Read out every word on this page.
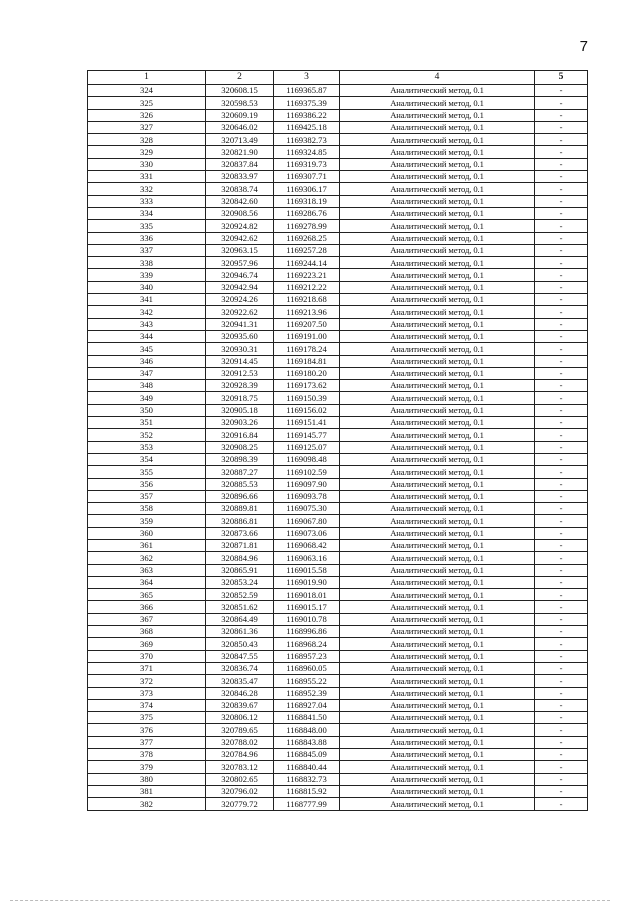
7
1	2	3	4	5
324	320608.15	1169365.87	Аналитический метод, 0.1	-
325	320598.53	1169375.39	Аналитический метод, 0.1	-
326	320609.19	1169386.22	Аналитический метод, 0.1	-
327	320646.02	1169425.18	Аналитический метод, 0.1	-
328	320713.49	1169382.73	Аналитический метод, 0.1	-
329	320821.90	1169324.85	Аналитический метод, 0.1	-
330	320837.84	1169319.73	Аналитический метод, 0.1	-
331	320833.97	1169307.71	Аналитический метод, 0.1	-
332	320838.74	1169306.17	Аналитический метод, 0.1	-
333	320842.60	1169318.19	Аналитический метод, 0.1	-
334	320908.56	1169286.76	Аналитический метод, 0.1	-
335	320924.82	1169278.99	Аналитический метод, 0.1	-
336	320942.62	1169268.25	Аналитический метод, 0.1	-
337	320963.15	1169257.28	Аналитический метод, 0.1	-
338	320957.96	1169244.14	Аналитический метод, 0.1	-
339	320946.74	1169223.21	Аналитический метод, 0.1	-
340	320942.94	1169212.22	Аналитический метод, 0.1	-
341	320924.26	1169218.68	Аналитический метод, 0.1	-
342	320922.62	1169213.96	Аналитический метод, 0.1	-
343	320941.31	1169207.50	Аналитический метод, 0.1	-
344	320935.60	1169191.00	Аналитический метод, 0.1	-
345	320930.31	1169178.24	Аналитический метод, 0.1	-
346	320914.45	1169184.81	Аналитический метод, 0.1	-
347	320912.53	1169180.20	Аналитический метод, 0.1	-
348	320928.39	1169173.62	Аналитический метод, 0.1	-
349	320918.75	1169150.39	Аналитический метод, 0.1	-
350	320905.18	1169156.02	Аналитический метод, 0.1	-
351	320903.26	1169151.41	Аналитический метод, 0.1	-
352	320916.84	1169145.77	Аналитический метод, 0.1	-
353	320908.25	1169125.07	Аналитический метод, 0.1	-
354	320898.39	1169098.48	Аналитический метод, 0.1	-
355	320887.27	1169102.59	Аналитический метод, 0.1	-
356	320885.53	1169097.90	Аналитический метод, 0.1	-
357	320896.66	1169093.78	Аналитический метод, 0.1	-
358	320889.81	1169075.30	Аналитический метод, 0.1	-
359	320886.81	1169067.80	Аналитический метод, 0.1	-
360	320873.66	1169073.06	Аналитический метод, 0.1	-
361	320871.81	1169068.42	Аналитический метод, 0.1	-
362	320884.96	1169063.16	Аналитический метод, 0.1	-
363	320865.91	1169015.58	Аналитический метод, 0.1	-
364	320853.24	1169019.90	Аналитический метод, 0.1	-
365	320852.59	1169018.01	Аналитический метод, 0.1	-
366	320851.62	1169015.17	Аналитический метод, 0.1	-
367	320864.49	1169010.78	Аналитический метод, 0.1	-
368	320861.36	1168996.86	Аналитический метод, 0.1	-
369	320850.43	1168968.24	Аналитический метод, 0.1	-
370	320847.55	1168957.23	Аналитический метод, 0.1	-
371	320836.74	1168960.05	Аналитический метод, 0.1	-
372	320835.47	1168955.22	Аналитический метод, 0.1	-
373	320846.28	1168952.39	Аналитический метод, 0.1	-
374	320839.67	1168927.04	Аналитический метод, 0.1	-
375	320806.12	1168841.50	Аналитический метод, 0.1	-
376	320789.65	1168848.00	Аналитический метод, 0.1	-
377	320788.02	1168843.88	Аналитический метод, 0.1	-
378	320784.96	1168845.09	Аналитический метод, 0.1	-
379	320783.12	1168840.44	Аналитический метод, 0.1	-
380	320802.65	1168832.73	Аналитический метод, 0.1	-
381	320796.02	1168815.92	Аналитический метод, 0.1	-
382	320779.72	1168777.99	Аналитический метод, 0.1	-
